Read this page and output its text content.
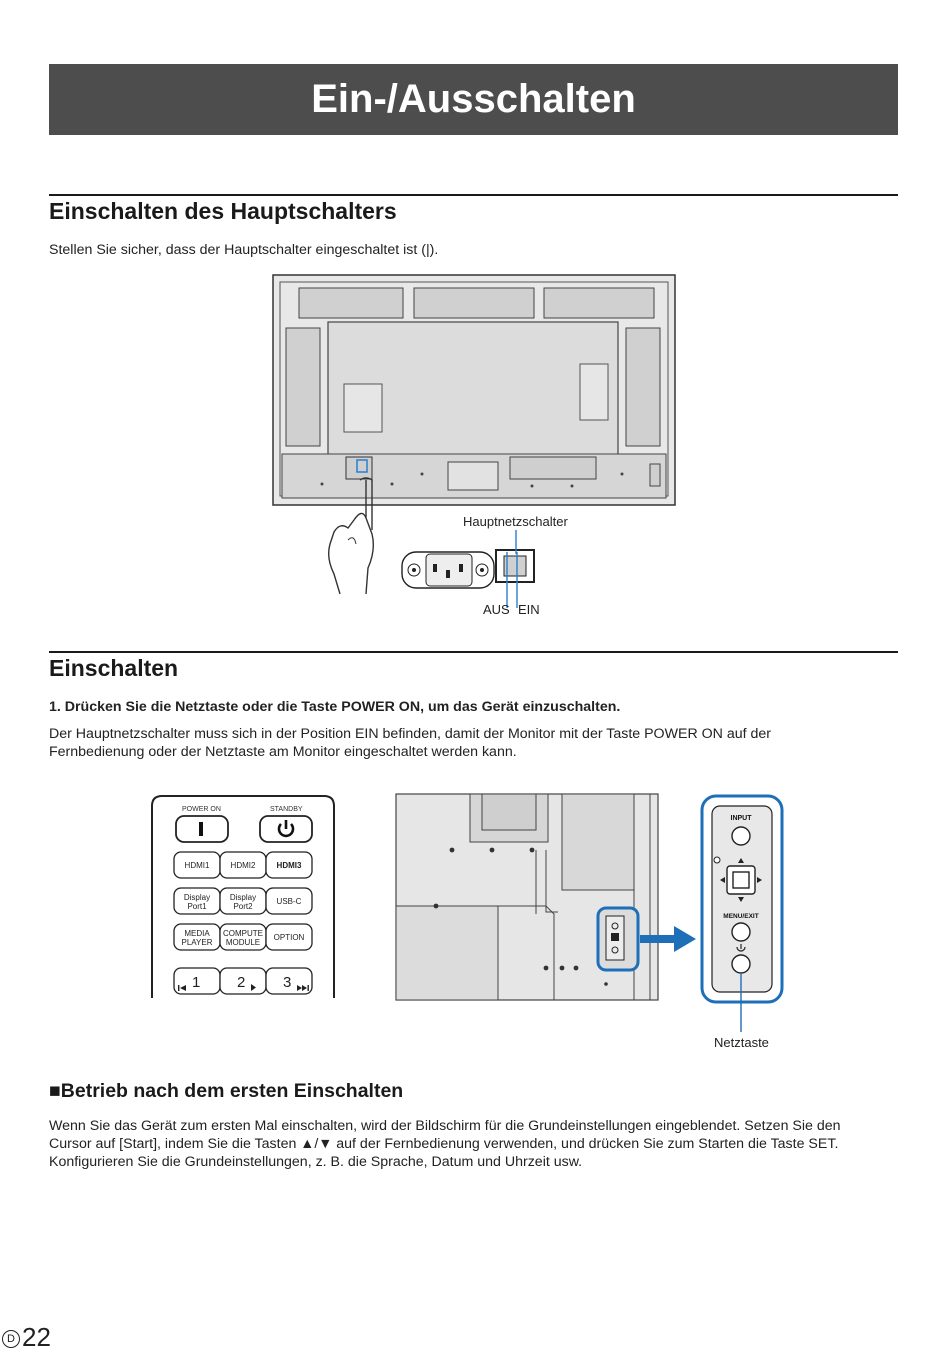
Ein-/Ausschalten
Einschalten des Hauptschalters
Stellen Sie sicher, dass der Hauptschalter eingeschaltet ist (|).
Hauptnetzschalter
AUS EIN
Einschalten
1. Drücken Sie die Netztaste oder die Taste POWER ON, um das Gerät einzuschalten.
Der Hauptnetzschalter muss sich in der Position EIN befinden, damit der Monitor mit der Taste POWER ON auf der
Fernbedienung oder der Netztaste am Monitor eingeschaltet werden kann.
POWER ON	STANDBY
HDMI1	HDMI2	HDMI3
Display
Port1
Display
Port2
USB-C
MEDIA
PLAYER
COMPUTE
MODULE
OPTION
1 2	3
INPUT
MENU/EXIT
Netztaste
■Betrieb nach dem ersten Einschalten
Wenn Sie das Gerät zum ersten Mal einschalten, wird der Bildschirm für die Grundeinstellungen eingeblendet. Setzen Sie den
Cursor auf [Start], indem Sie die Tasten ▲/▼ auf der Fernbedienung verwenden, und drücken Sie zum Starten die Taste SET.
Konfigurieren Sie die Grundeinstellungen, z. B. die Sprache, Datum und Uhrzeit usw.
D 22
